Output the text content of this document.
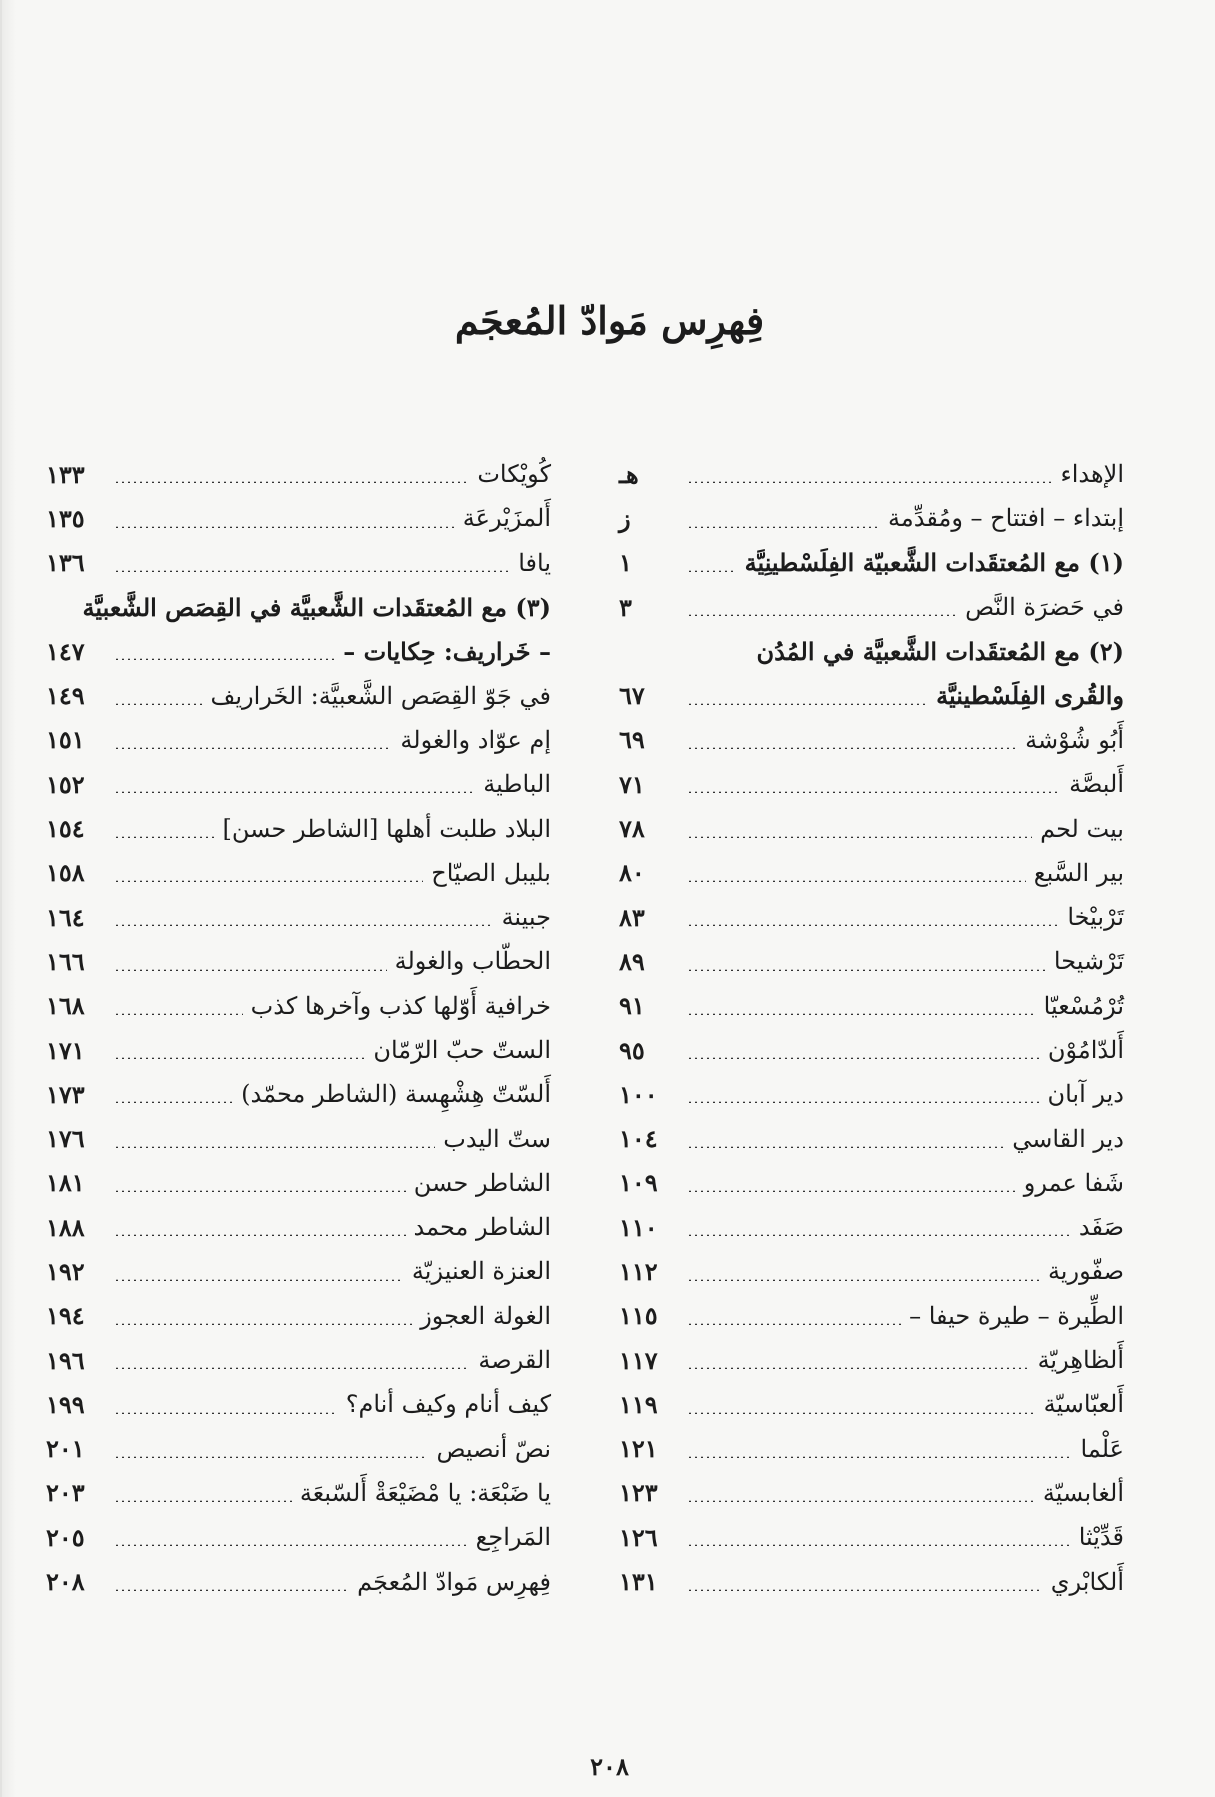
فِهرِس مَوادّ المُعجَم
الإهداء
هـ
إبتداء – افتتاح – ومُقدِّمة
ز
(١) مع المُعتقَدات الشَّعبيّة الفِلَسْطينِيَّة
١
في حَضرَة النَّص
٣
(٢) مع المُعتقَدات الشَّعبيَّة في المُدُن
والقُرى الفِلَسْطينيَّة
٦٧
أَبُو شُوْشة
٦٩
أَلبصَّة
٧١
بيت لحم
٧٨
بير السَّبع
٨٠
تَرْبيْخا
٨٣
تَرْشيحا
٨٩
تُرْمُسْعيّا
٩١
أَلدّامُوْن
٩٥
دير آبان
١٠٠
دير القاسي
١٠٤
شَفا عمرو
١٠٩
صَفَد
١١٠
صفّورية
١١٢
الطِّيرة – طيرة حيفا –
١١٥
أَلظاهِريّة
١١٧
أَلعبّاسيّة
١١٩
عَلْما
١٢١
ألغابسيّة
١٢٣
قَدِّيْثا
١٢٦
أَلكابْري
١٣١
كُويْكات
١٣٣
أَلمزَيْرعَة
١٣٥
يافا
١٣٦
(٣) مع المُعتقَدات الشَّعبيَّة في القِصَص الشَّعبيَّة
– خَراريف: حِكايات –
١٤٧
في جَوّ القِصَص الشَّعبيَّة: الخَراريف
١٤٩
إم عوّاد والغولة
١٥١
الباطية
١٥٢
البلاد طلبت أهلها [الشاطر حسن]
١٥٤
بليبل الصيّاح
١٥٨
جبينة
١٦٤
الحطّاب والغولة
١٦٦
خرافية أَوّلها كذب وآخرها كذب
١٦٨
الستّ حبّ الرّمّان
١٧١
أَلسّتّ هِشْهِسة (الشاطر محمّد)
١٧٣
ستّ اليدب
١٧٦
الشاطر حسن
١٨١
الشاطر محمد
١٨٨
العنزة العنيزيّة
١٩٢
الغولة العجوز
١٩٤
القرصة
١٩٦
كيف أنام وكيف أنام؟
١٩٩
نصّ أنصيص
٢٠١
يا ضَبْعَة: يا مْضَيْعَةْ أَلسّبعَة
٢٠٣
المَراجِع
٢٠٥
فِهرِس مَوادّ المُعجَم
٢٠٨
٢٠٨
